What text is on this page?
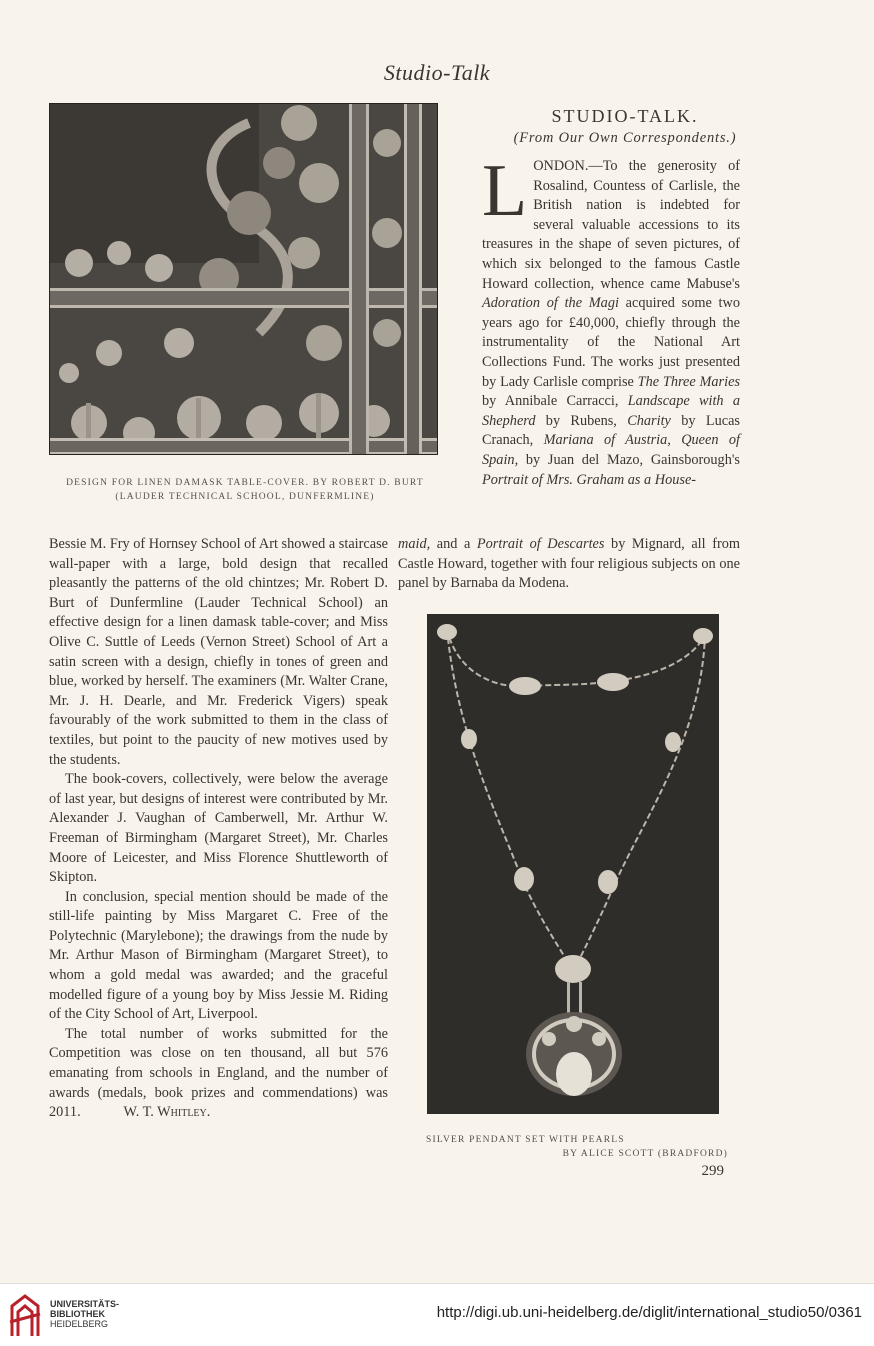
Studio-Talk
DESIGN FOR LINEN DAMASK TABLE-COVER. BY ROBERT D. BURT
(LAUDER TECHNICAL SCHOOL, DUNFERMLINE)
STUDIO-TALK.
(From Our Own Correspondents.)

LONDON.—To the generosity of Rosalind, Countess of Carlisle, the British nation is indebted for several valuable accessions to its treasures in the shape of seven pictures, of which six belonged to the famous Castle Howard collection, whence came Mabuse's Adoration of the Magi acquired some two years ago for £40,000, chiefly through the instrumentality of the National Art Collections Fund. The works just presented by Lady Carlisle comprise The Three Maries by Annibale Carracci, Landscape with a Shepherd by Rubens, Charity by Lucas Cranach, Mariana of Austria, Queen of Spain, by Juan del Mazo, Gainsborough's Portrait of Mrs. Graham as a House-

maid, and a Portrait of Descartes by Mignard, all from Castle Howard, together with four religious subjects on one panel by Barnaba da Modena.

Bessie M. Fry of Hornsey School of Art showed a staircase wall-paper with a large, bold design that recalled pleasantly the patterns of the old chintzes; Mr. Robert D. Burt of Dunfermline (Lauder Technical School) an effective design for a linen damask table-cover; and Miss Olive C. Suttle of Leeds (Vernon Street) School of Art a satin screen with a design, chiefly in tones of green and blue, worked by herself. The examiners (Mr. Walter Crane, Mr. J. H. Dearle, and Mr. Frederick Vigers) speak favourably of the work submitted to them in the class of textiles, but point to the paucity of new motives used by the students.

The book-covers, collectively, were below the average of last year, but designs of interest were contributed by Mr. Alexander J. Vaughan of Camberwell, Mr. Arthur W. Freeman of Birmingham (Margaret Street), Mr. Charles Moore of Leicester, and Miss Florence Shuttleworth of Skipton.

In conclusion, special mention should be made of the still-life painting by Miss Margaret C. Free of the Polytechnic (Marylebone); the drawings from the nude by Mr. Arthur Mason of Birmingham (Margaret Street), to whom a gold medal was awarded; and the graceful modelled figure of a young boy by Miss Jessie M. Riding of the City School of Art, Liverpool.

The total number of works submitted for the Competition was close on ten thousand, all but 576 emanating from schools in England, and the number of awards (medals, book prizes and commendations) was 2011.   	W. T. Whitley.

SILVER PENDANT SET WITH PEARLS
BY ALICE SCOTT (BRADFORD)
299
UNIVERSITÄTS-
BIBLIOTHEK
HEIDELBERG
http://digi.ub.uni-heidelberg.de/diglit/international_studio50/0361
